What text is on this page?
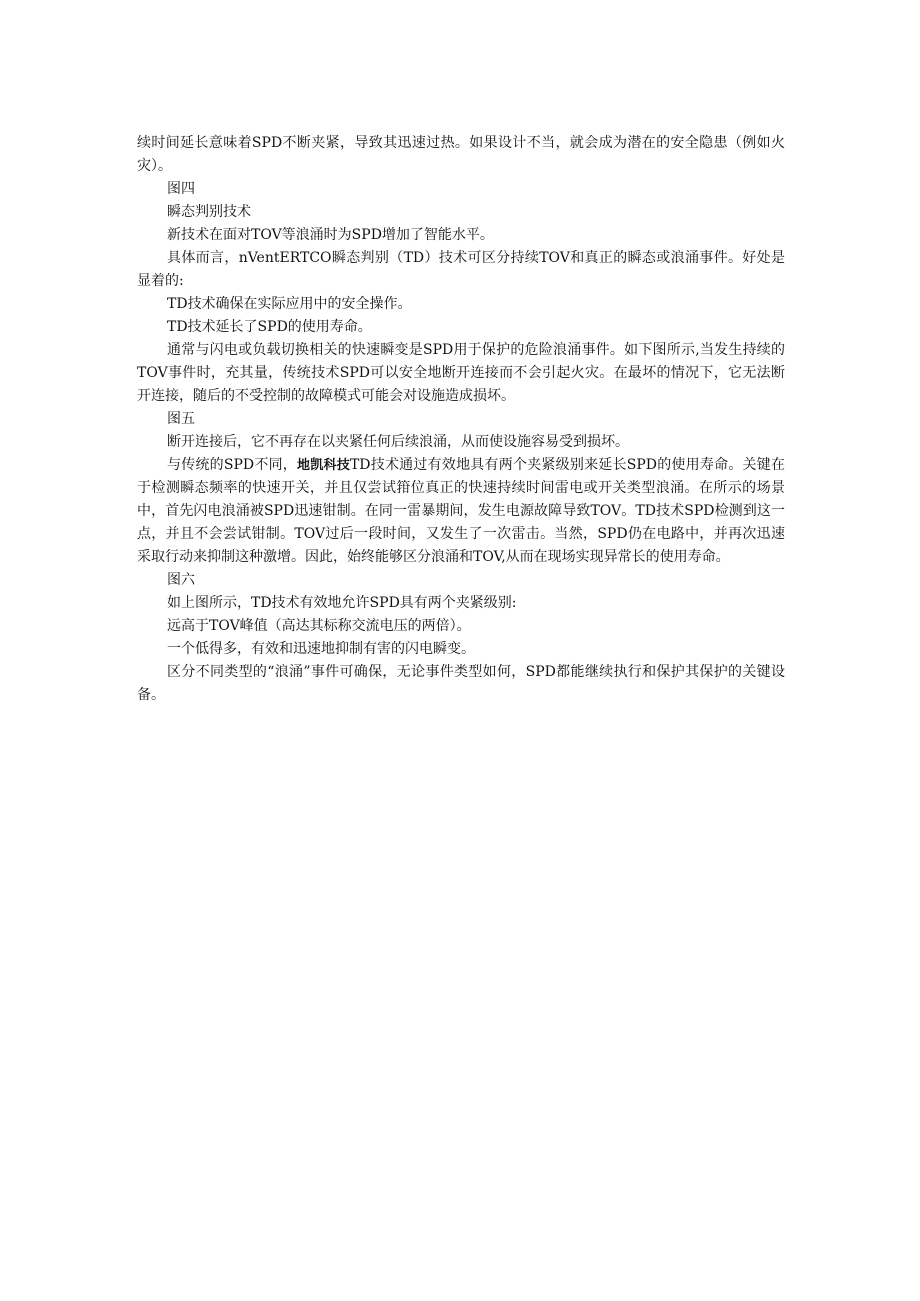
续时间延长意味着SPD不断夹紧，导致其迅速过热。如果设计不当，就会成为潜在的安全隐患（例如火灾）。

图四

瞬态判别技术

新技术在面对TOV等浪涌时为SPD增加了智能水平。

具体而言，nVentERTCO瞬态判别（TD）技术可区分持续TOV和真正的瞬态或浪涌事件。好处是显着的:

TD技术确保在实际应用中的安全操作。

TD技术延长了SPD的使用寿命。

通常与闪电或负载切换相关的快速瞬变是SPD用于保护的危险浪涌事件。如下图所示,当发生持续的TOV事件时，充其量，传统技术SPD可以安全地断开连接而不会引起火灾。在最坏的情况下，它无法断开连接，随后的不受控制的故障模式可能会对设施造成损坏。

图五

断开连接后，它不再存在以夹紧任何后续浪涌，从而使设施容易受到损坏。

与传统的SPD不同，地凯科技TD技术通过有效地具有两个夹紧级别来延长SPD的使用寿命。关键在于检测瞬态频率的快速开关，并且仅尝试箝位真正的快速持续时间雷电或开关类型浪涌。在所示的场景中，首先闪电浪涌被SPD迅速钳制。在同一雷暴期间，发生电源故障导致TOV。TD技术SPD检测到这一点，并且不会尝试钳制。TOV过后一段时间，又发生了一次雷击。当然，SPD仍在电路中，并再次迅速采取行动来抑制这种激增。因此，始终能够区分浪涌和TOV,从而在现场实现异常长的使用寿命。

图六

如上图所示，TD技术有效地允许SPD具有两个夹紧级别:

远高于TOV峰值（高达其标称交流电压的两倍）。

一个低得多，有效和迅速地抑制有害的闪电瞬变。

区分不同类型的“浪涌”事件可确保，无论事件类型如何，SPD都能继续执行和保护其保护的关键设备。
